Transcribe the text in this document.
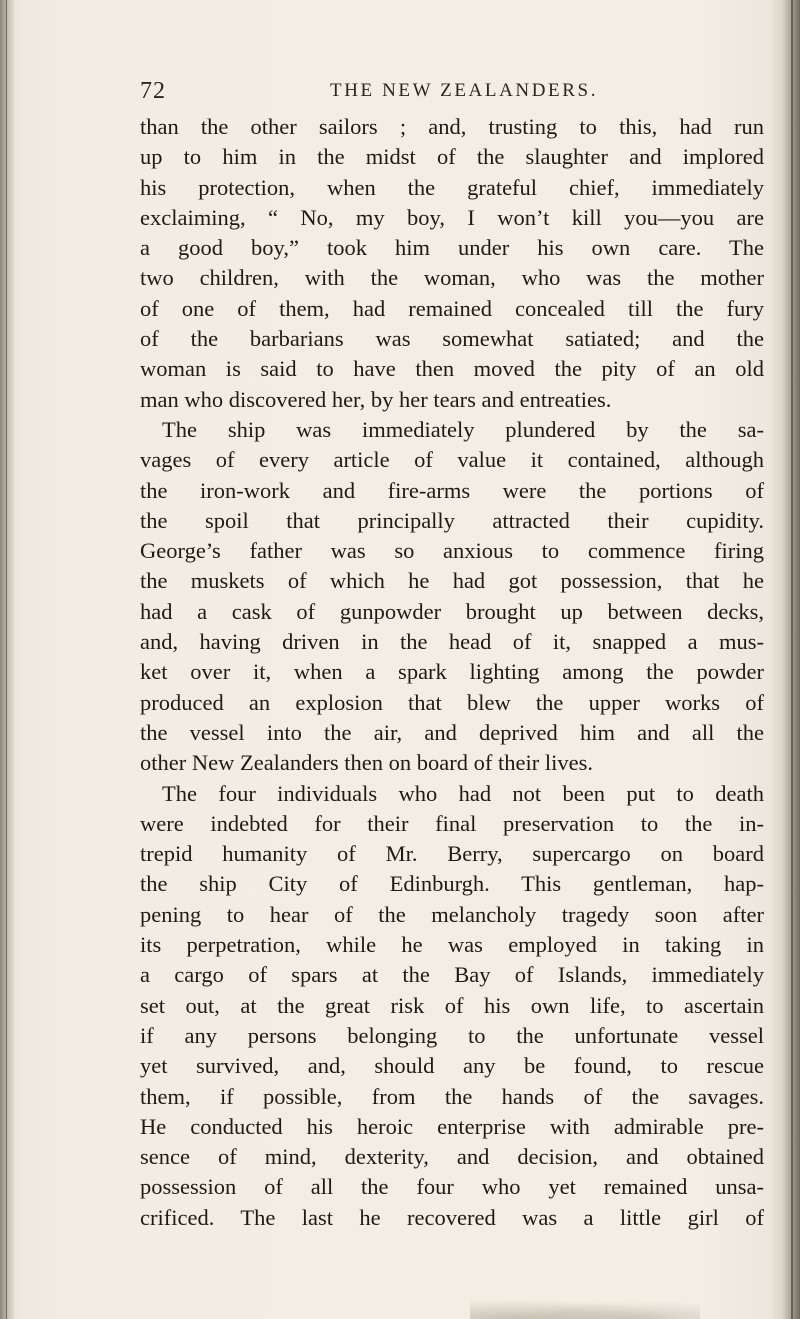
72	THE NEW ZEALANDERS.
than the other sailors ; and, trusting to this, had run
up to him in the midst of the slaughter and implored
his protection, when the grateful chief, immediately
exclaiming, “ No, my boy, I won’t kill you—you are
a good boy,” took him under his own care. The
two children, with the woman, who was the mother
of one of them, had remained concealed till the fury
of the barbarians was somewhat satiated; and the
woman is said to have then moved the pity of an old
man who discovered her, by her tears and entreaties.
The ship was immediately plundered by the sa-
vages of every article of value it contained, although
the iron-work and fire-arms were the portions of
the spoil that principally attracted their cupidity.
George’s father was so anxious to commence firing
the muskets of which he had got possession, that he
had a cask of gunpowder brought up between decks,
and, having driven in the head of it, snapped a mus-
ket over it, when a spark lighting among the powder
produced an explosion that blew the upper works of
the vessel into the air, and deprived him and all the
other New Zealanders then on board of their lives.
The four individuals who had not been put to death
were indebted for their final preservation to the in-
trepid humanity of Mr. Berry, supercargo on board
the ship City of Edinburgh. This gentleman, hap-
pening to hear of the melancholy tragedy soon after
its perpetration, while he was employed in taking in
a cargo of spars at the Bay of Islands, immediately
set out, at the great risk of his own life, to ascertain
if any persons belonging to the unfortunate vessel
yet survived, and, should any be found, to rescue
them, if possible, from the hands of the savages.
He conducted his heroic enterprise with admirable pre-
sence of mind, dexterity, and decision, and obtained
possession of all the four who yet remained unsa-
crificed. The last he recovered was a little girl of
